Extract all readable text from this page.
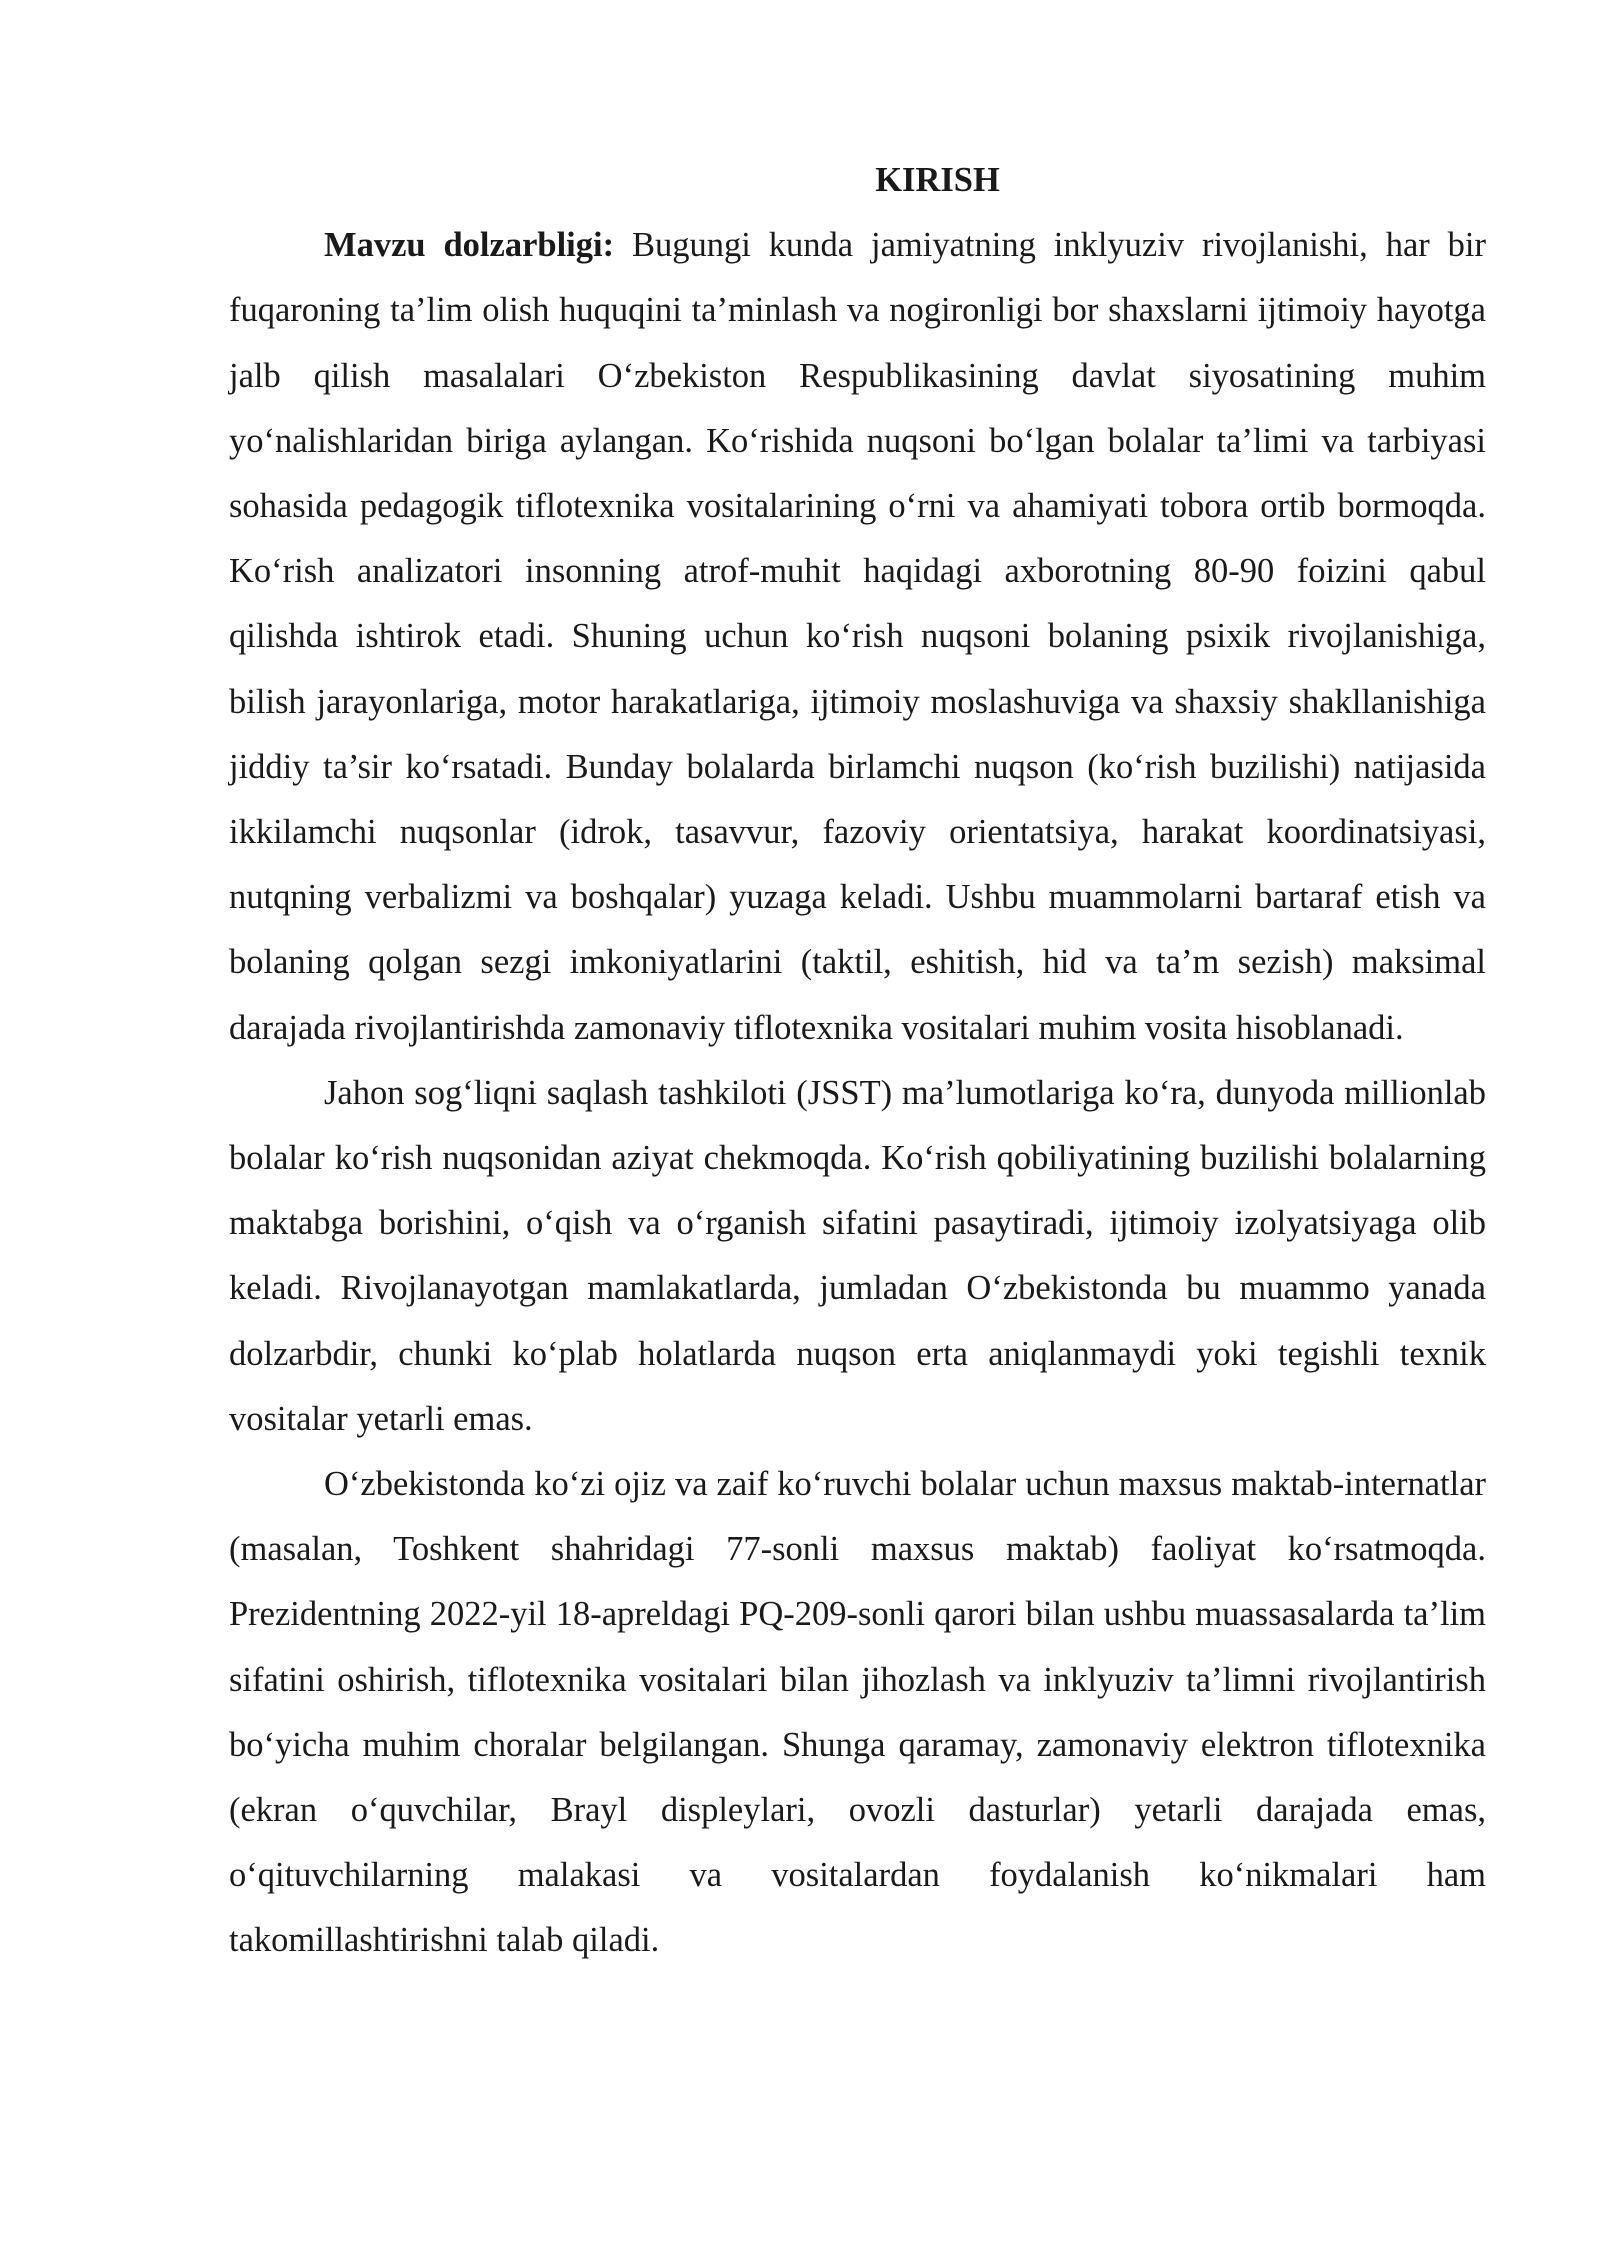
KIRISH

Mavzu dolzarbligi: Bugungi kunda jamiyatning inklyuziv rivojlanishi, har bir fuqaroning ta’lim olish huquqini ta’minlash va nogironligi bor shaxslarni ijtimoiy hayotga jalb qilish masalalari O‘zbekiston Respublikasining davlat siyosatining muhim yo‘nalishlaridan biriga aylangan. Ko‘rishida nuqsoni bo‘lgan bolalar ta’limi va tarbiyasi sohasida pedagogik tiflotexnika vositalarining o‘rni va ahamiyati tobora ortib bormoqda. Ko‘rish analizatori insonning atrof-muhit haqidagi axborotning 80-90 foizini qabul qilishda ishtirok etadi. Shuning uchun ko‘rish nuqsoni bolaning psixik rivojlanishiga, bilish jarayonlariga, motor harakatlariga, ijtimoiy moslashuviga va shaxsiy shakllanishiga jiddiy ta’sir ko‘rsatadi. Bunday bolalarda birlamchi nuqson (ko‘rish buzilishi) natijasida ikkilamchi nuqsonlar (idrok, tasavvur, fazoviy orientatsiya, harakat koordinatsiyasi, nutqning verbalizmi va boshqalar) yuzaga keladi. Ushbu muammolarni bartaraf etish va bolaning qolgan sezgi imkoniyatlarini (taktil, eshitish, hid va ta’m sezish) maksimal darajada rivojlantirishda zamonaviy tiflotexnika vositalari muhim vosita hisoblanadi.

Jahon sog‘liqni saqlash tashkiloti (JSST) ma’lumotlariga ko‘ra, dunyoda millionlab bolalar ko‘rish nuqsonidan aziyat chekmoqda. Ko‘rish qobiliyatining buzilishi bolalarning maktabga borishini, o‘qish va o‘rganish sifatini pasaytiradi, ijtimoiy izolyatsiyaga olib keladi. Rivojlanayotgan mamlakatlarda, jumladan O‘zbekistonda bu muammo yanada dolzarbdir, chunki ko‘plab holatlarda nuqson erta aniqlanmaydi yoki tegishli texnik vositalar yetarli emas.

O‘zbekistonda ko‘zi ojiz va zaif ko‘ruvchi bolalar uchun maxsus maktab-internatlar (masalan, Toshkent shahridagi 77-sonli maxsus maktab) faoliyat ko‘rsatmoqda. Prezidentning 2022-yil 18-apreldagi PQ-209-sonli qarori bilan ushbu muassasalarda ta’lim sifatini oshirish, tiflotexnika vositalari bilan jihozlash va inklyuziv ta’limni rivojlantirish bo‘yicha muhim choralar belgilangan. Shunga qaramay, zamonaviy elektron tiflotexnika (ekran o‘quvchilar, Brayl displeylari, ovozli dasturlar) yetarli darajada emas, o‘qituvchilarning malakasi va vositalardan foydalanish ko‘nikmalari ham takomillashtirishni talab qiladi.
